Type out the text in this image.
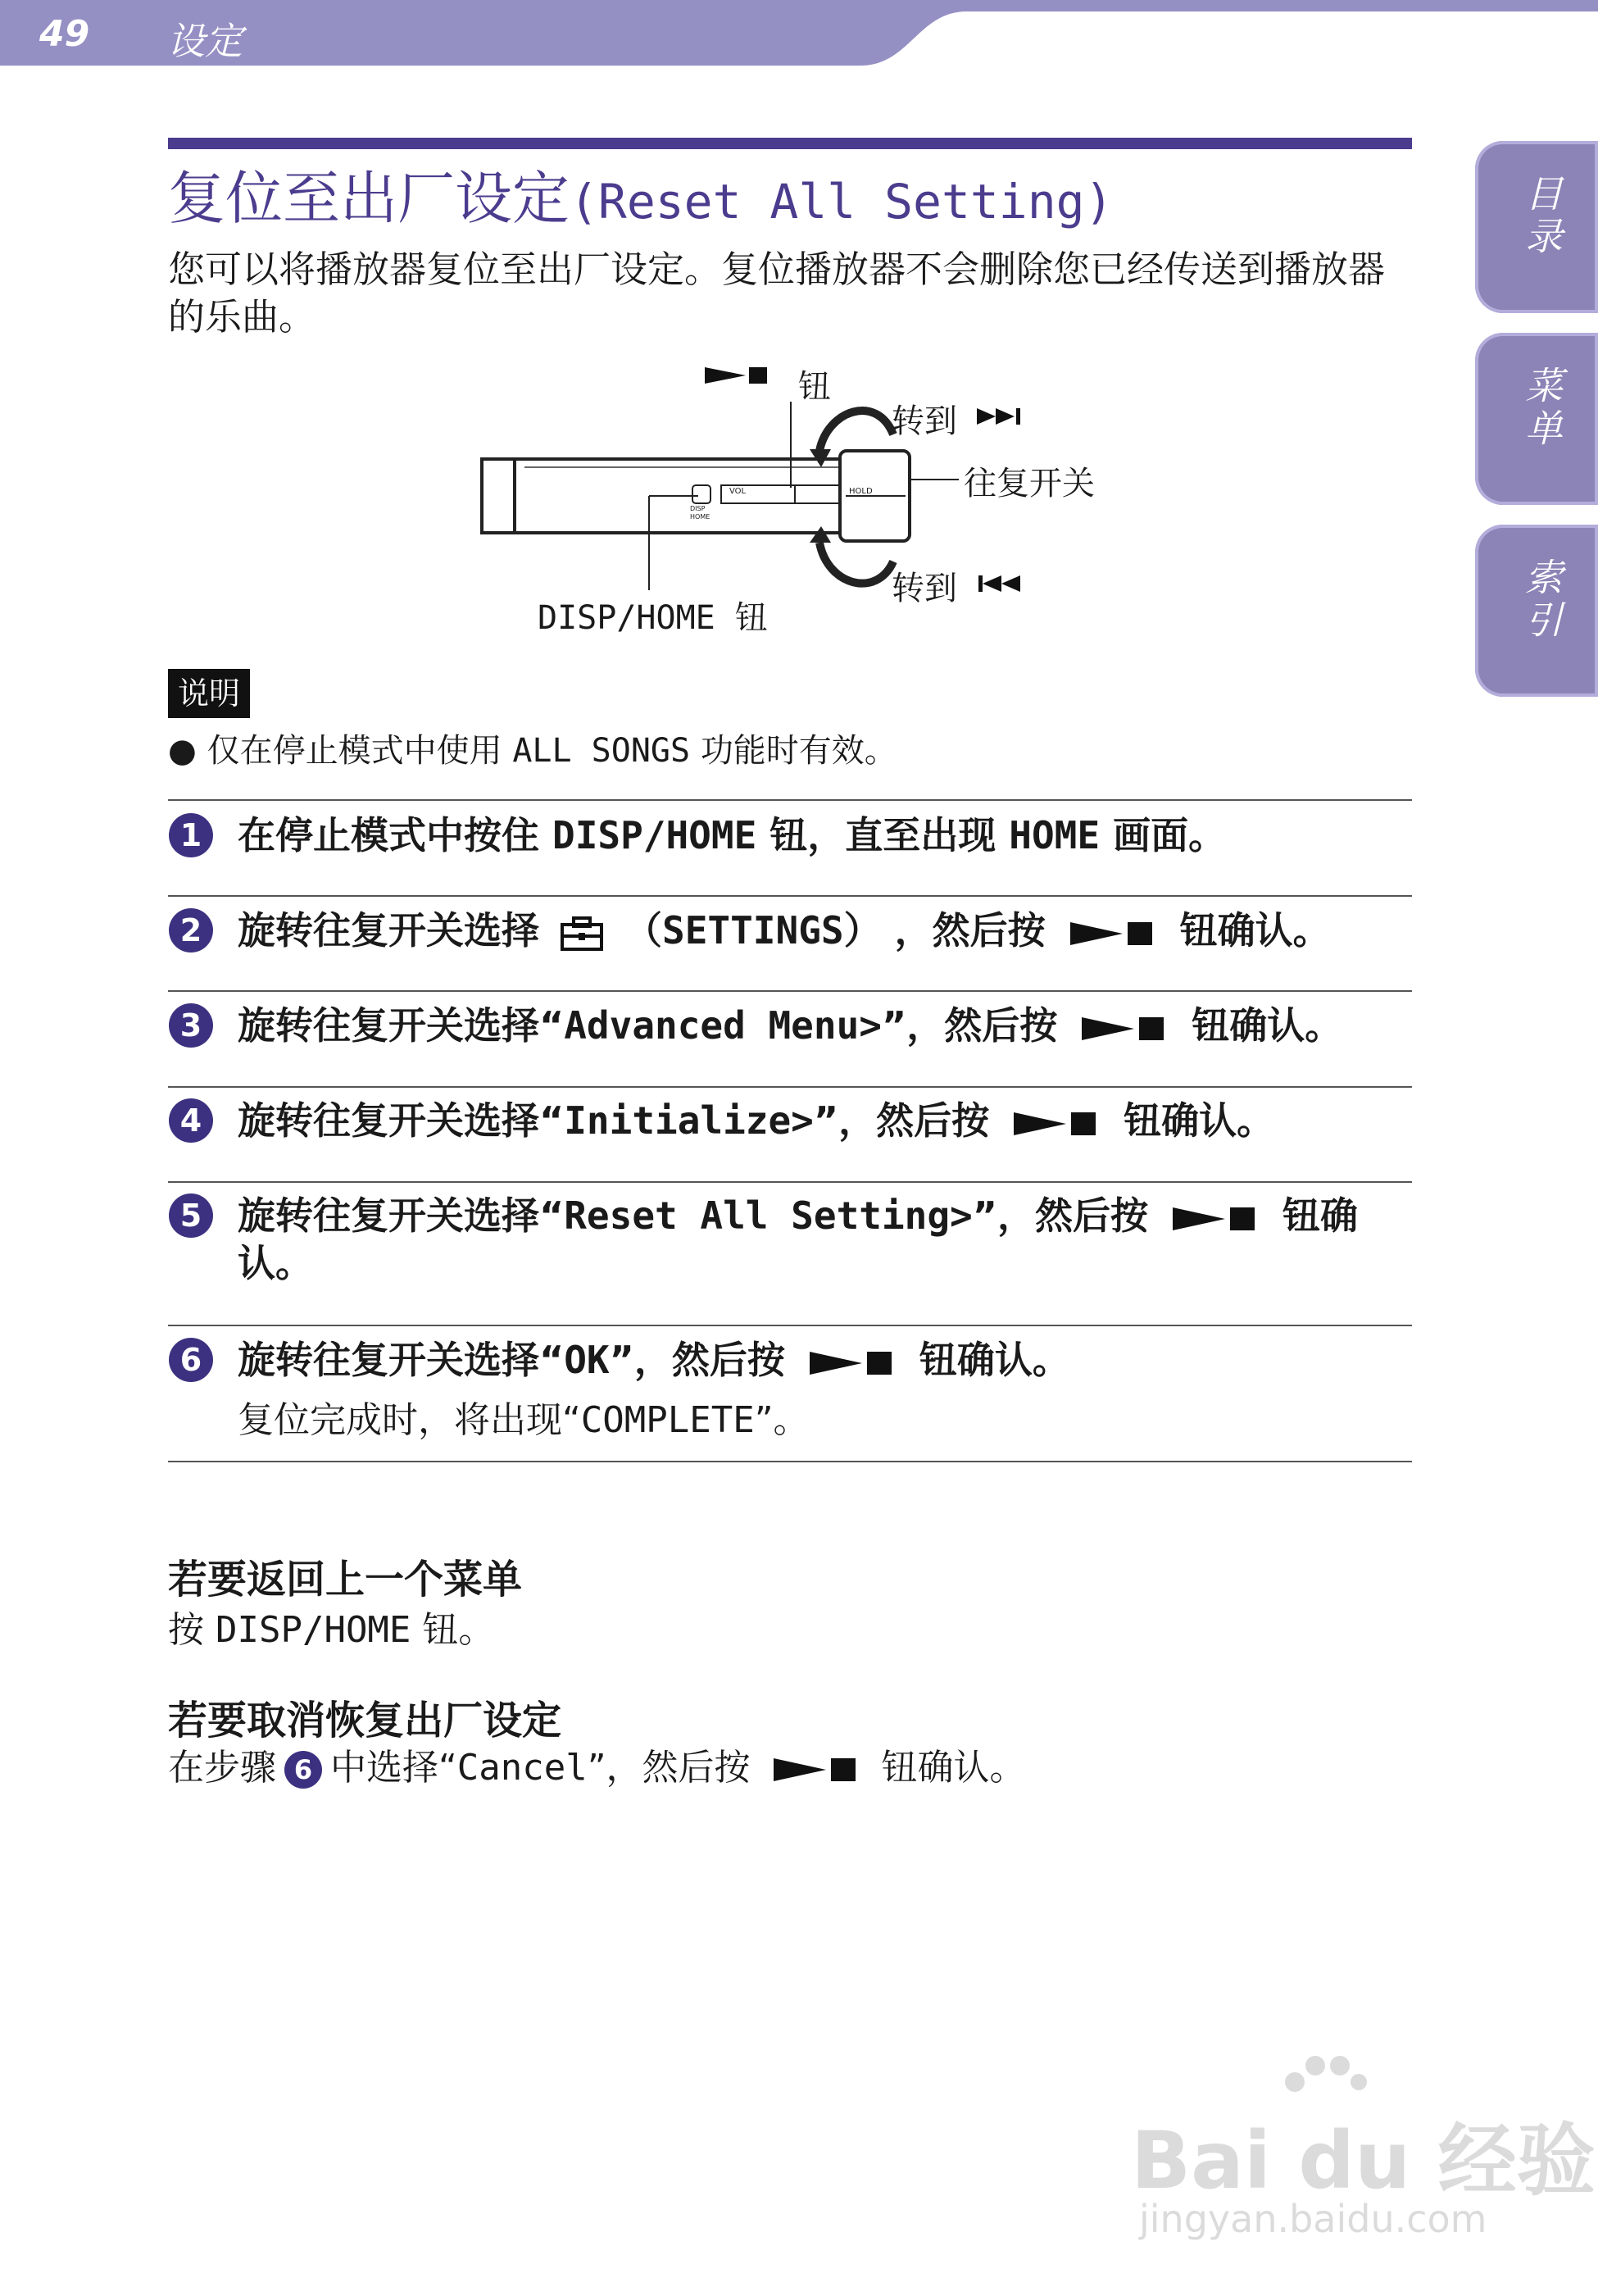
49 设定
目录
菜单
索引
复位至出厂设定(Reset All Setting)
您可以将播放器复位至出厂设定。复位播放器不会删除您已经传送到播放器的乐曲。
钮
转到
往复开关
转到
DISP/HOME 钮
VOL	HOLD
DISP
HOME
说明
● 仅在停止模式中使用 ALL SONGS 功能时有效。
1 在停止模式中按住 DISP/HOME 钮，直至出现 HOME 画面。
2 旋转往复开关选择 （SETTINGS） ，然后按	钮确认。
3 旋转往复开关选择“Advanced Menu>”，然后按	钮确认。
4 旋转往复开关选择“Initialize>”，然后按	钮确认。
5 旋转往复开关选择“Reset All Setting>”，然后按	钮确
认。
6 旋转往复开关选择“OK”，然后按	钮确认。
复位完成时，将出现“COMPLETE”。
若要返回上一个菜单
按 DISP/HOME 钮。
若要取消恢复出厂设定
在步骤 6 中选择“Cancel”，然后按	钮确认。
Bai du 经验
jingyan.baidu.com
